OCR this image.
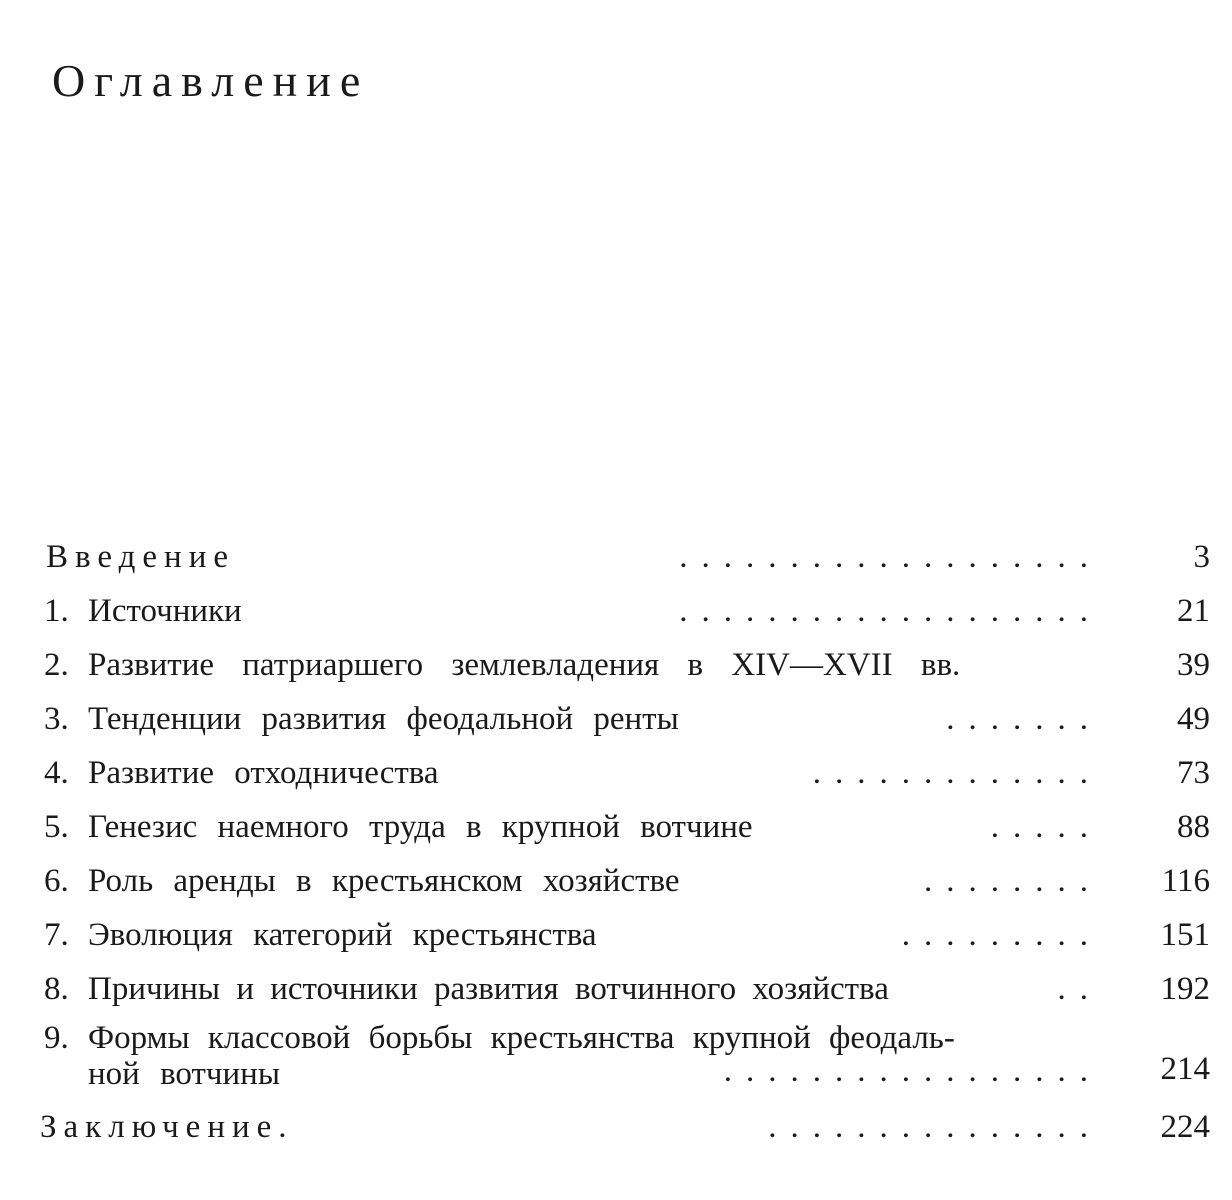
Оглавление
Введение	...................	3
1. Источники	...................	21
2. Развитие патриаршего землевладения в XIV—XVII вв.	39
3. Тенденции развития феодальной ренты	.......	49
4. Развитие отходничества	.............	73
5. Генезис наемного труда в крупной вотчине	.....	88
6. Роль аренды в крестьянском хозяйстве	........	116
7. Эволюция категорий крестьянства	.........	151
8. Причины и источники развития вотчинного хозяйства	..	192
9. Формы классовой борьбы крестьянства крупной феодаль-
ной вотчины	.................	214
Заключение.	...............	224
